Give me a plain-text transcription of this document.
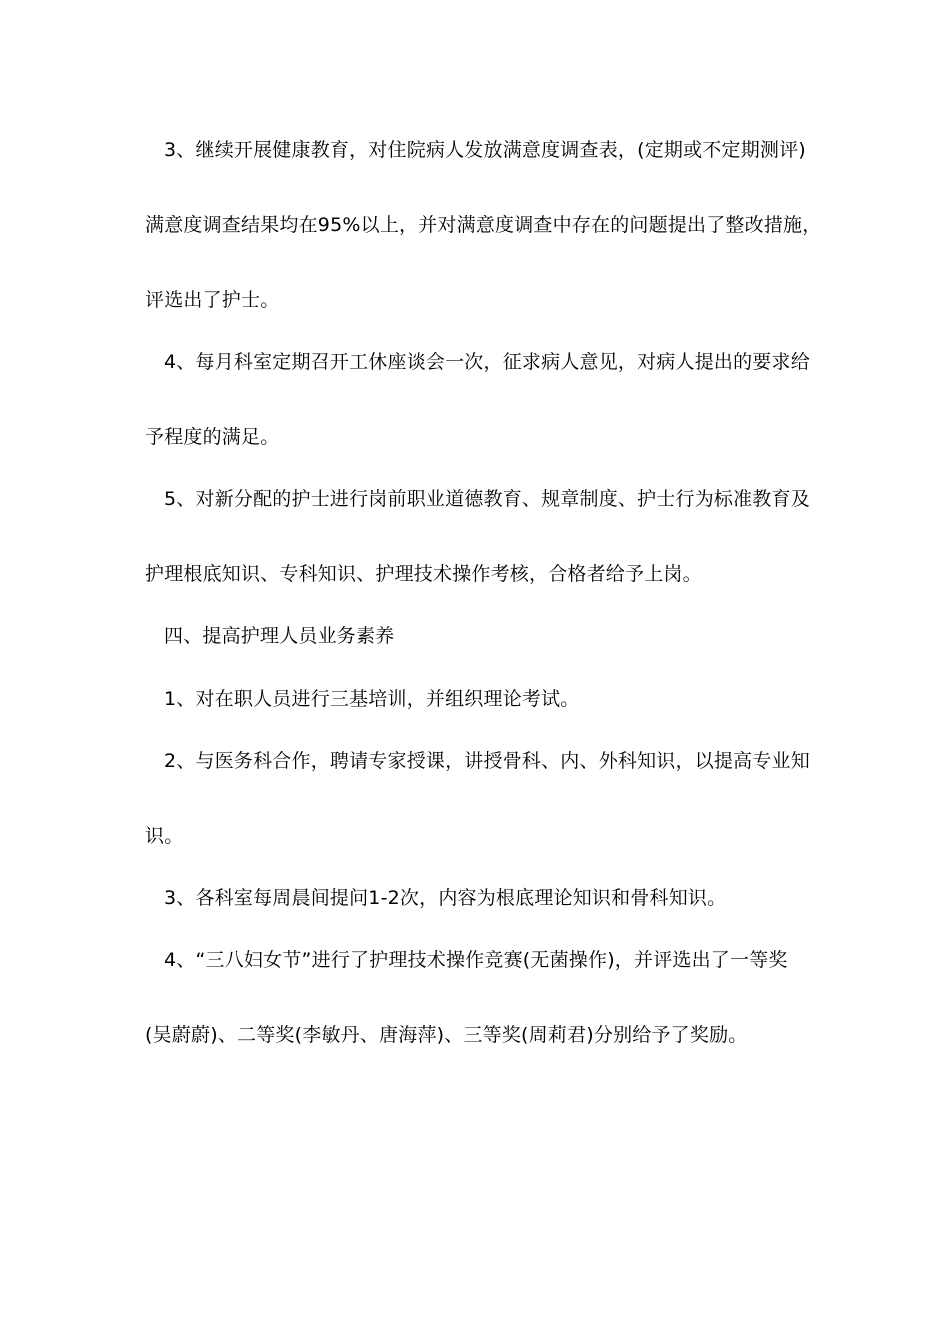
3、继续开展健康教育，对住院病人发放满意度调查表，(定期或不定期测评)
满意度调查结果均在95%以上，并对满意度调查中存在的问题提出了整改措施，
评选出了护士。
4、每月科室定期召开工休座谈会一次，征求病人意见，对病人提出的要求给
予程度的满足。
5、对新分配的护士进行岗前职业道德教育、规章制度、护士行为标准教育及
护理根底知识、专科知识、护理技术操作考核，合格者给予上岗。
四、提高护理人员业务素养
1、对在职人员进行三基培训，并组织理论考试。
2、与医务科合作，聘请专家授课，讲授骨科、内、外科知识，以提高专业知
识。
3、各科室每周晨间提问1-2次，内容为根底理论知识和骨科知识。
4、“三八妇女节”进行了护理技术操作竞赛(无菌操作)，并评选出了一等奖
(吴蔚蔚)、二等奖(李敏丹、唐海萍)、三等奖(周莉君)分别给予了奖励。
